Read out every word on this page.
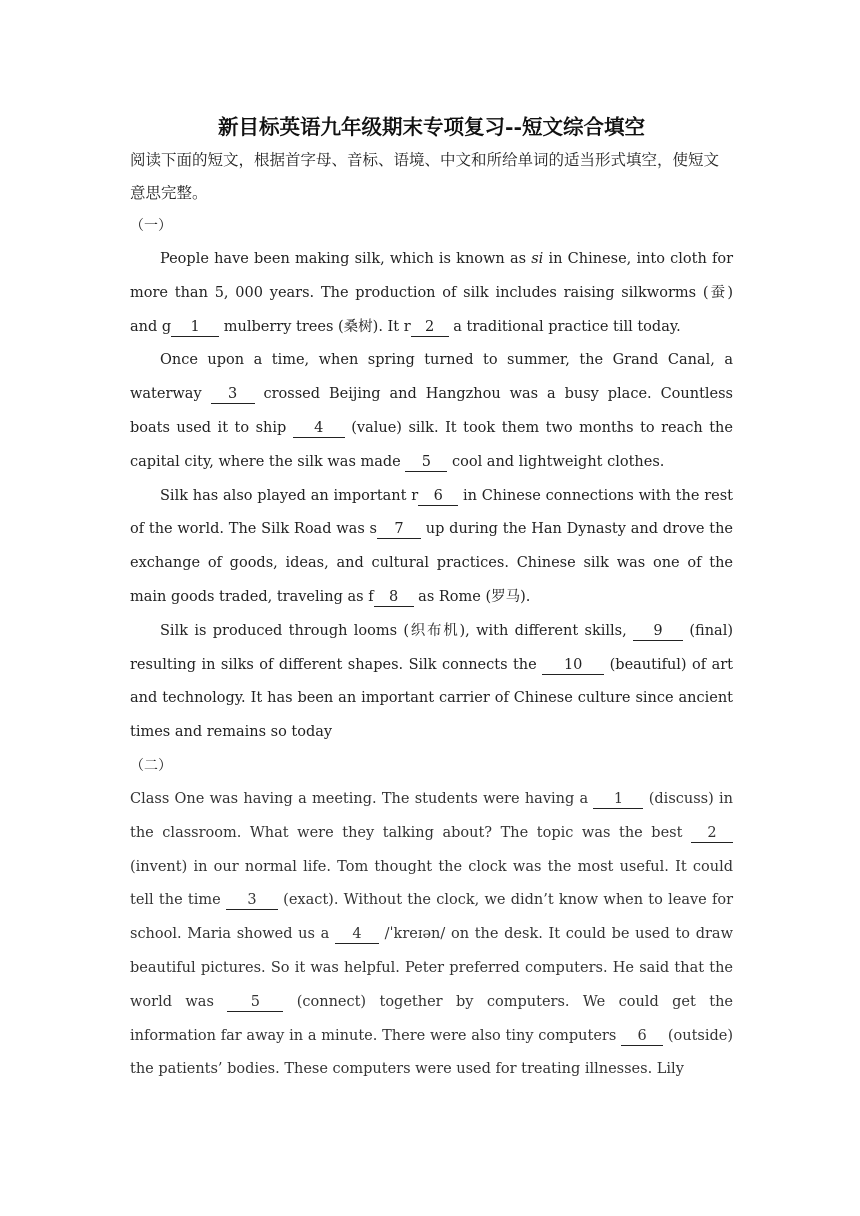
新目标英语九年级期末专项复习--短文综合填空

阅读下面的短文，根据首字母、音标、语境、中文和所给单词的适当形式填空，使短文意思完整。

（一）

People have been making silk, which is known as si in Chinese, into cloth for more than 5, 000 years. The production of silk includes raising silkworms (蚕) and g 1 mulberry trees (桑树). It r 2 a traditional practice till today.

Once upon a time, when spring turned to summer, the Grand Canal, a waterway 3 crossed Beijing and Hangzhou was a busy place. Countless boats used it to ship 4 (value) silk. It took them two months to reach the capital city, where the silk was made 5 cool and lightweight clothes.

Silk has also played an important r 6 in Chinese connections with the rest of the world. The Silk Road was s 7 up during the Han Dynasty and drove the exchange of goods, ideas, and cultural practices. Chinese silk was one of the main goods traded, traveling as f 8 as Rome (罗马).

Silk is produced through looms (织布机), with different skills, 9 (final) resulting in silks of different shapes. Silk connects the 10 (beautiful) of art and technology. It has been an important carrier of Chinese culture since ancient times and remains so today

（二）

Class One was having a meeting. The students were having a 1 (discuss) in the classroom. What were they talking about? The topic was the best 2 (invent) in our normal life. Tom thought the clock was the most useful. It could tell the time 3 (exact). Without the clock, we didn’t know when to leave for school. Maria showed us a 4 /ˈkreɪən/ on the desk. It could be used to draw beautiful pictures. So it was helpful. Peter preferred computers. He said that the world was 5 (connect) together by computers. We could get the information far away in a minute. There were also tiny computers 6 (outside) the patients’ bodies. These computers were used for treating illnesses. Lily
